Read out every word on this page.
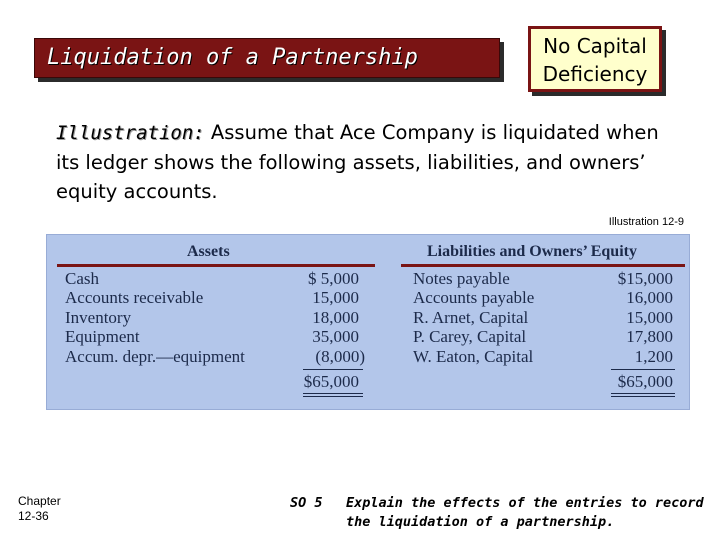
Liquidation of a Partnership	No Capital
Deficiency
Illustration: Assume that Ace Company is liquidated when
its ledger shows the following assets, liabilities, and owners’
equity accounts.
Illustration 12-9
Assets	Liabilities and Owners’ Equity
Cash
Accounts receivable
Inventory
Equipment
Accum. depr.—equipment
$ 5,000
15,000
18,000
35,000
(8,000)
$65,000
Notes payable
Accounts payable
R. Arnet, Capital
P. Carey, Capital
W. Eaton, Capital
$15,000
16,000
15,000
17,800
1,200
$65,000
Chapter
12-36
SO 5 Explain the effects of the entries to record the liquidation of a partnership.
